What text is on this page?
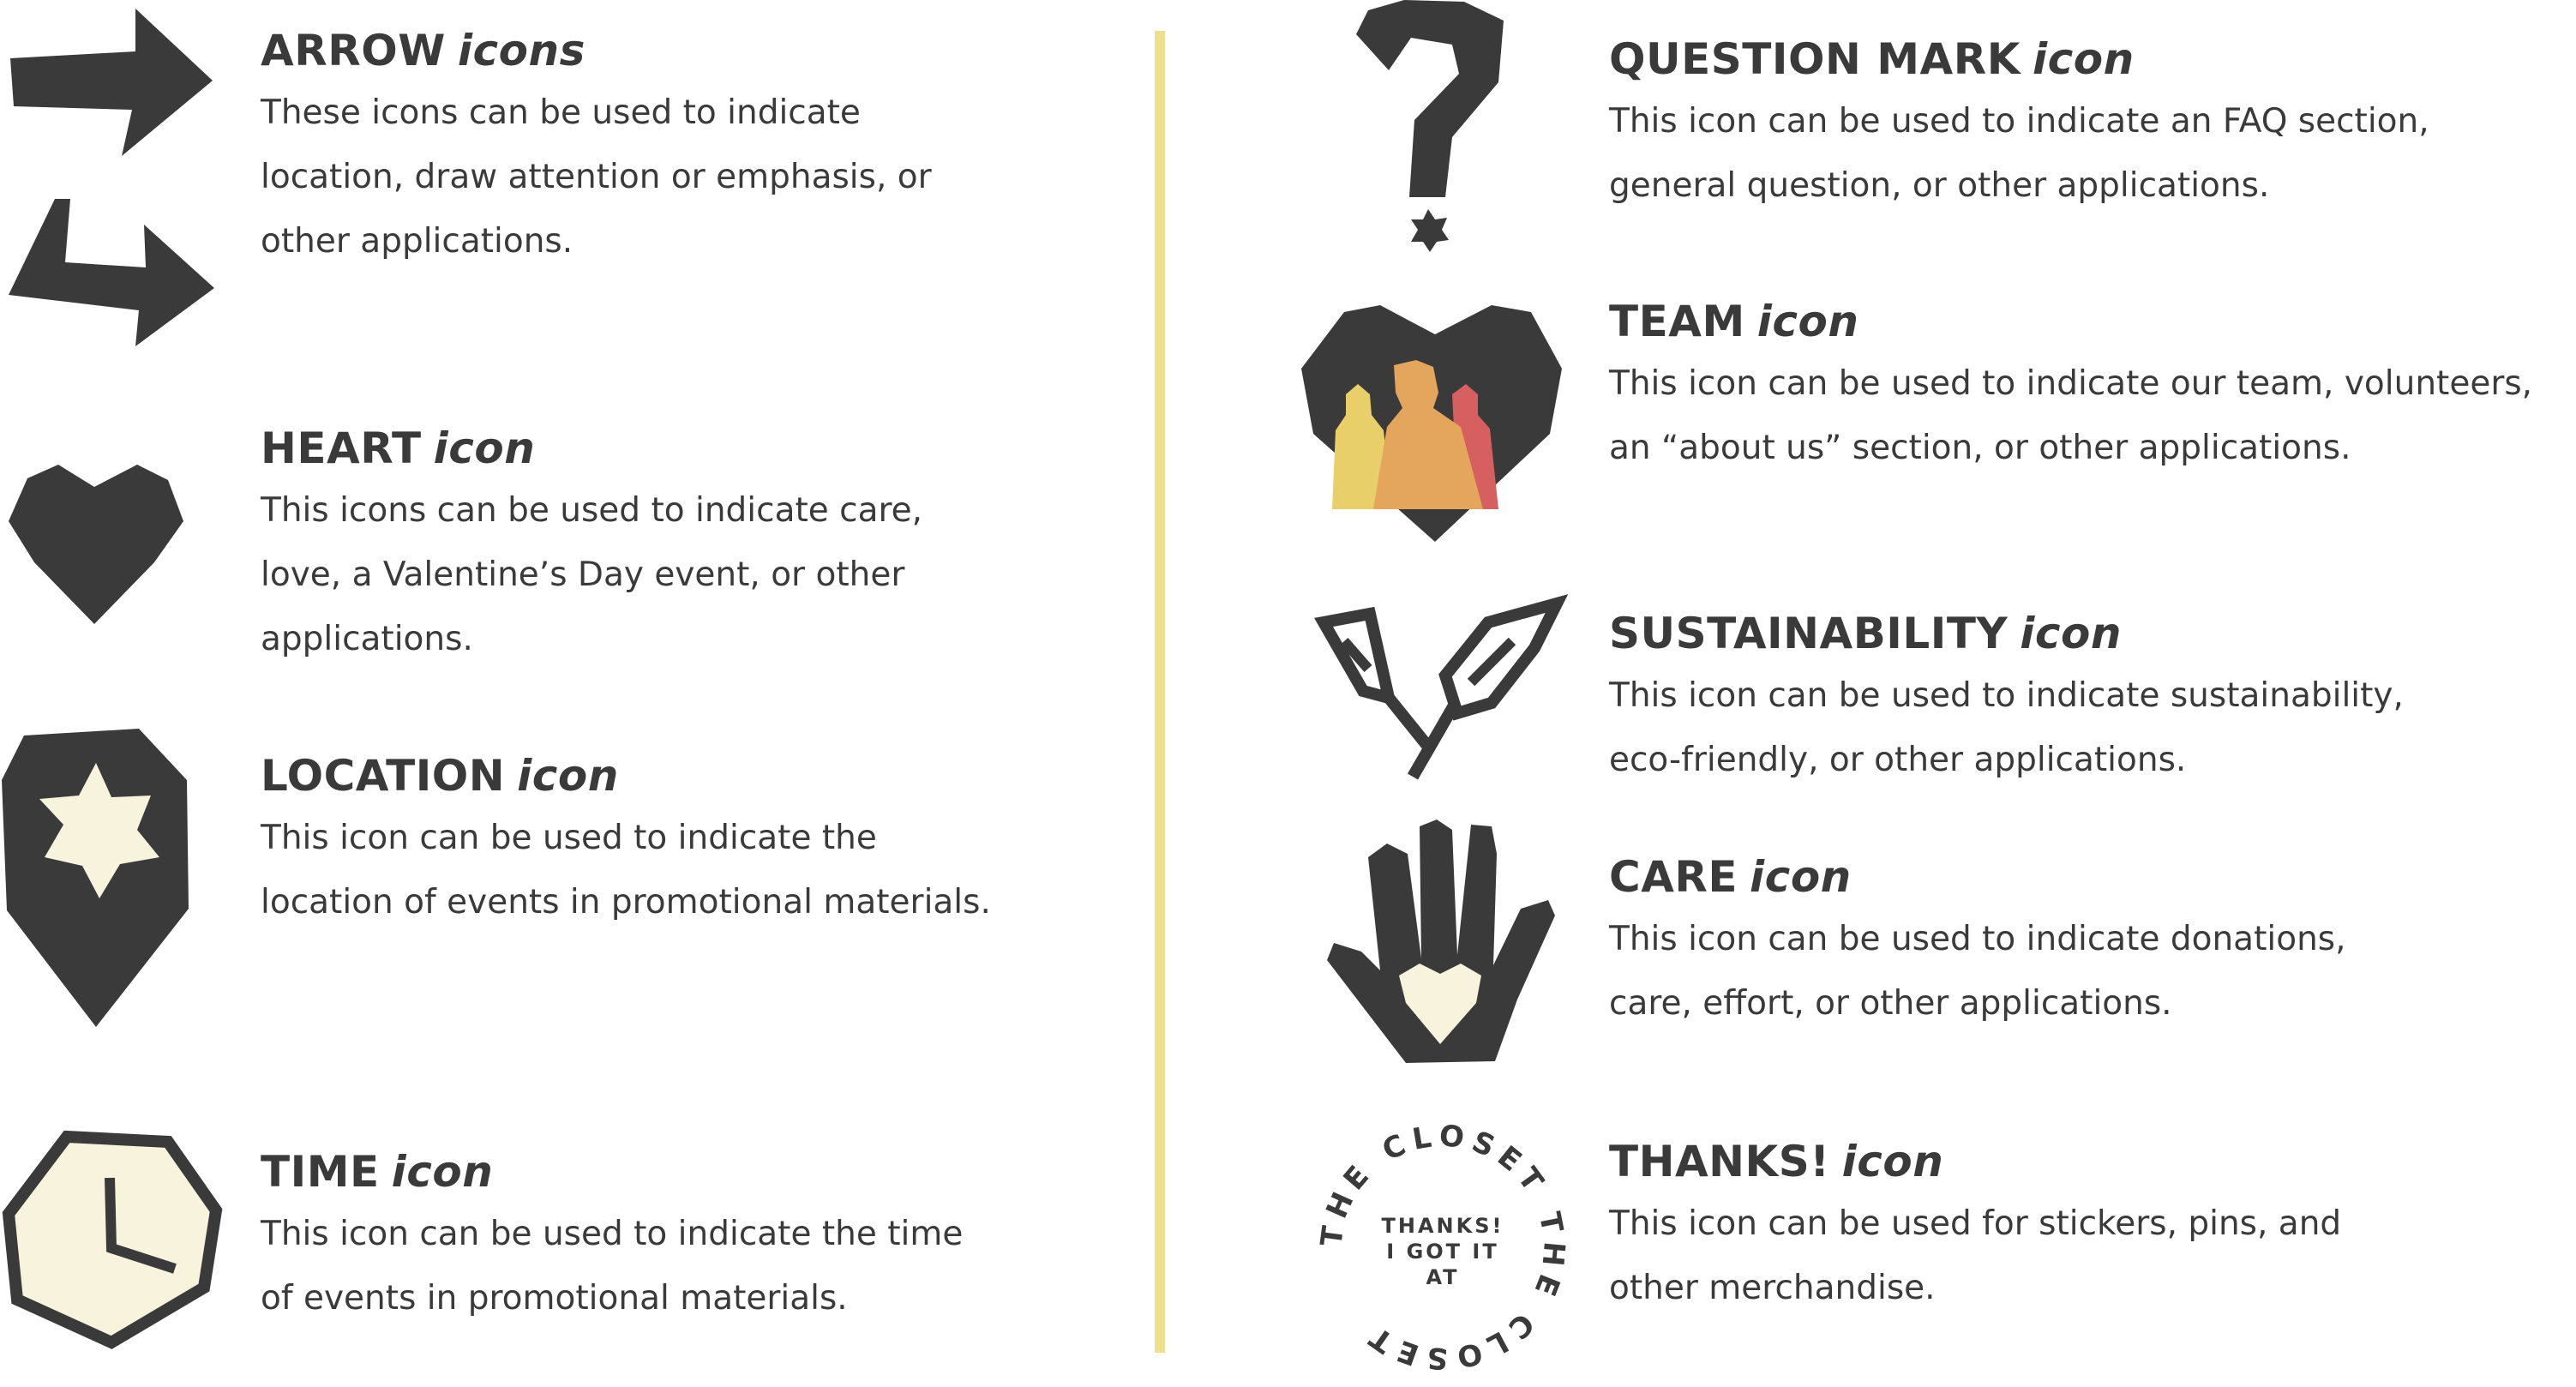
THE CLOSET THE CLOSET
THANKS!
I GOT IT
AT
ARROW icons
These icons can be used to indicate
location, draw attention or emphasis, or
other applications.
HEART icon
This icons can be used to indicate care,
love, a Valentine’s Day event, or other
applications.
LOCATION icon
This icon can be used to indicate the
location of events in promotional materials.
TIME icon
This icon can be used to indicate the time
of events in promotional materials.
QUESTION MARK icon
This icon can be used to indicate an FAQ section,
general question, or other applications.
TEAM icon
This icon can be used to indicate our team, volunteers,
an “about us” section, or other applications.
SUSTAINABILITY icon
This icon can be used to indicate sustainability,
eco-friendly, or other applications.
CARE icon
This icon can be used to indicate donations,
care, effort, or other applications.
THANKS! icon
This icon can be used for stickers, pins, and
other merchandise.
